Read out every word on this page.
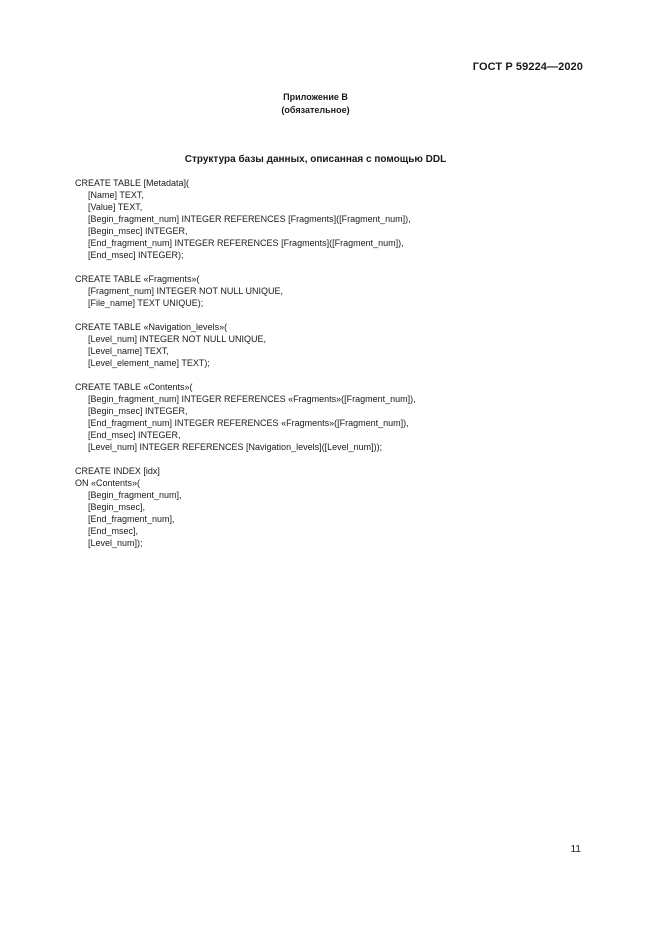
ГОСТ Р 59224—2020
Приложение В
(обязательное)
Структура базы данных, описанная с помощью DDL
CREATE TABLE [Metadata](
[Name] TEXT,
[Value] TEXT,
[Begin_fragment_num] INTEGER REFERENCES [Fragments]([Fragment_num]),
[Begin_msec] INTEGER,
[End_fragment_num] INTEGER REFERENCES [Fragments]([Fragment_num]),
[End_msec] INTEGER);
CREATE TABLE «Fragments»(
[Fragment_num] INTEGER NOT NULL UNIQUE,
[File_name] TEXT UNIQUE);
CREATE TABLE «Navigation_levels»(
[Level_num] INTEGER NOT NULL UNIQUE,
[Level_name] TEXT,
[Level_element_name] TEXT);
CREATE TABLE «Contents»(
[Begin_fragment_num] INTEGER REFERENCES «Fragments»([Fragment_num]),
[Begin_msec] INTEGER,
[End_fragment_num] INTEGER REFERENCES «Fragments»([Fragment_num]),
[End_msec] INTEGER,
[Level_num] INTEGER REFERENCES [Navigation_levels]([Level_num]));
CREATE INDEX [idx]
ON «Contents»(
[Begin_fragment_num],
[Begin_msec],
[End_fragment_num],
[End_msec],
[Level_num]);
11
